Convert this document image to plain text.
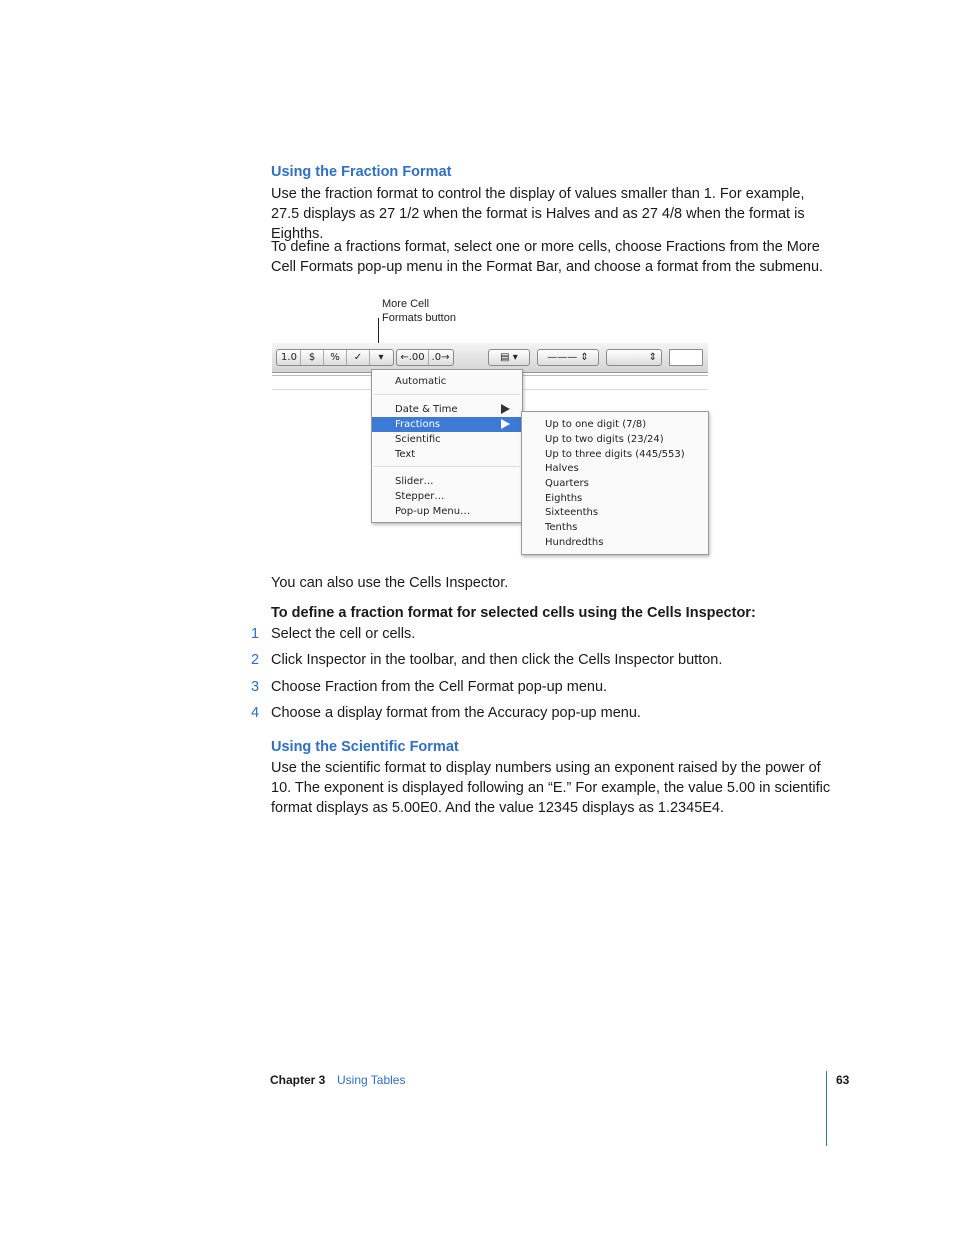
Using the Fraction Format
Use the fraction format to control the display of values smaller than 1. For example, 27.5 displays as 27 1/2 when the format is Halves and as 27 4/8 when the format is Eighths.
To define a fractions format, select one or more cells, choose Fractions from the More Cell Formats pop-up menu in the Format Bar, and choose a format from the submenu.
More Cell
Formats button
1.0 $ % ✓ ▾	←.00 .0→	▤ ▾	——— ⇕	⇕
Automatic
Date & Time
Fractions
Scientific
Text
Slider…
Stepper…
Pop-up Menu…
Up to one digit (7/8)
Up to two digits (23/24)
Up to three digits (445/553)
Halves
Quarters
Eighths
Sixteenths
Tenths
Hundredths
You can also use the Cells Inspector.
To define a fraction format for selected cells using the Cells Inspector:
1 Select the cell or cells.
2 Click Inspector in the toolbar, and then click the Cells Inspector button.
3 Choose Fraction from the Cell Format pop-up menu.
4 Choose a display format from the Accuracy pop-up menu.
Using the Scientific Format
Use the scientific format to display numbers using an exponent raised by the power of 10. The exponent is displayed following an “E.” For example, the value 5.00 in scientific format displays as 5.00E0. And the value 12345 displays as 1.2345E4.
Chapter 3 Using Tables	63
